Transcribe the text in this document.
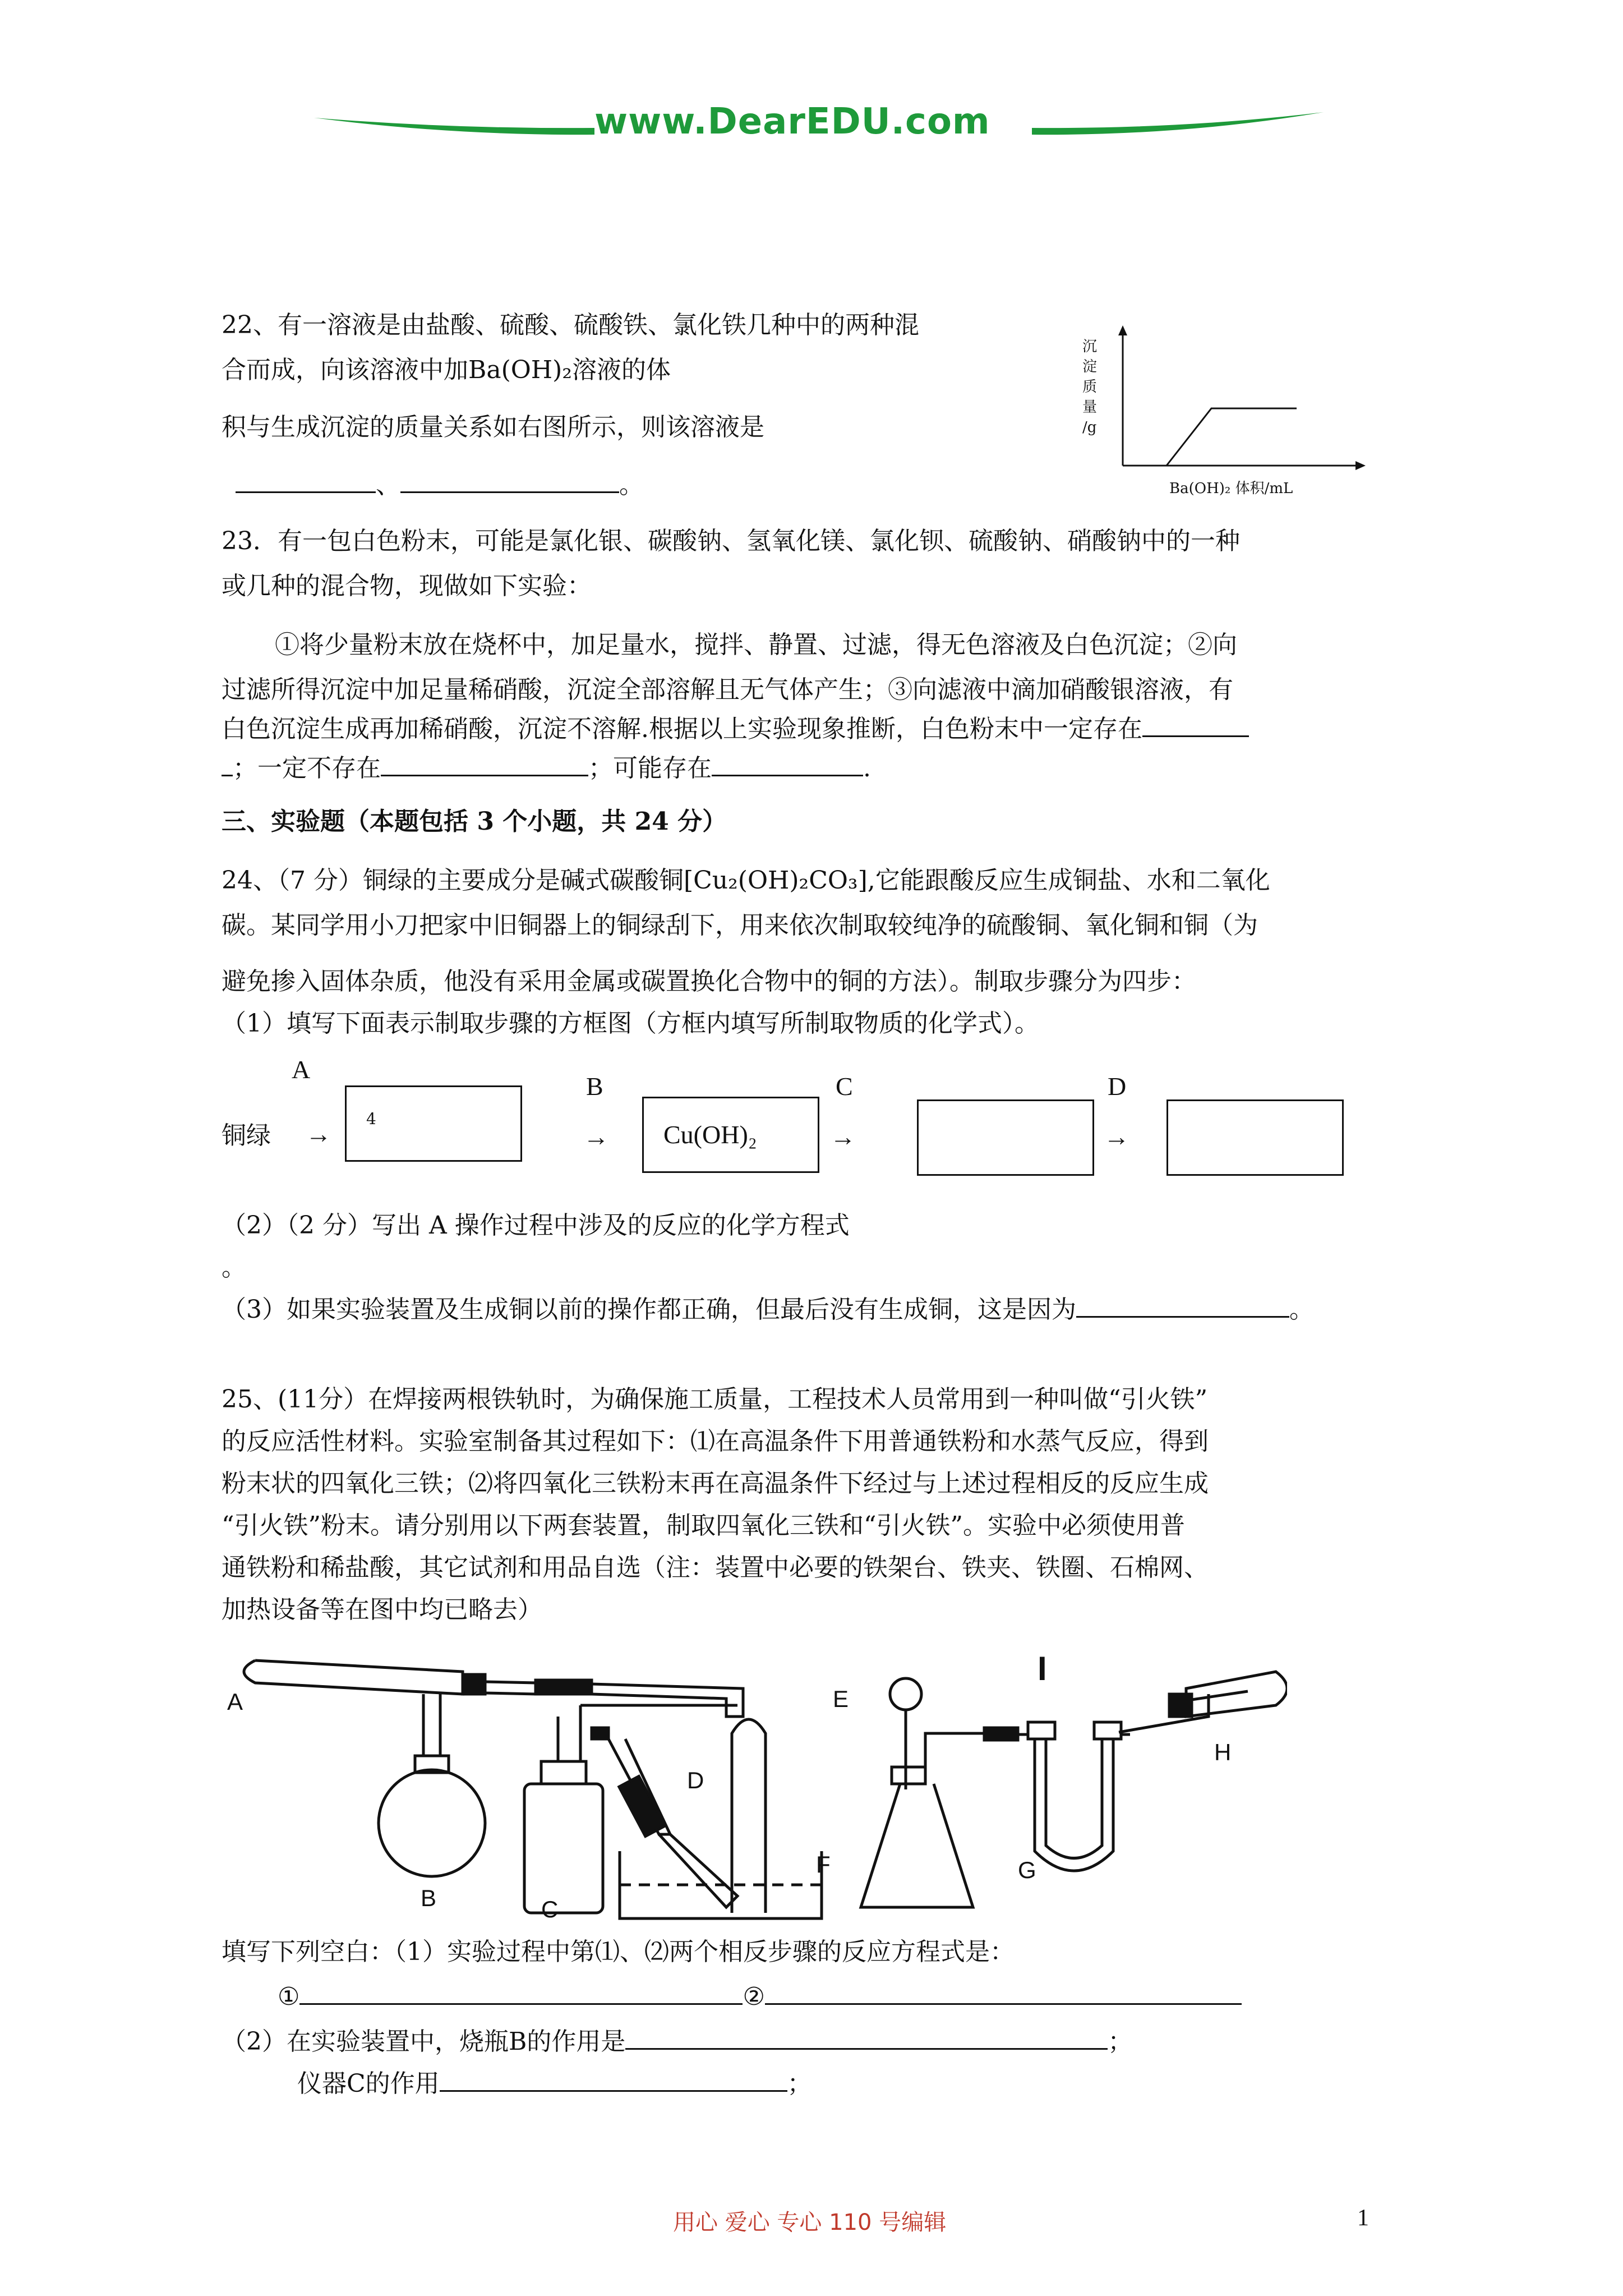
www.DearEDU.com
22、有一溶液是由盐酸、硫酸、硫酸铁、氯化铁几种中的两种混
合而成，向该溶液中加Ba(OH)₂溶液的体
积与生成沉淀的质量关系如右图所示，则该溶液是
、	。
沉
淀
质
量
/g
Ba(OH)₂ 体积/mL
23．有一包白色粉末，可能是氯化银、碳酸钠、氢氧化镁、氯化钡、硫酸钠、硝酸钠中的一种
或几种的混合物，现做如下实验：
①将少量粉末放在烧杯中，加足量水，搅拌、静置、过滤，得无色溶液及白色沉淀；②向
过滤所得沉淀中加足量稀硝酸，沉淀全部溶解且无气体产生；③向滤液中滴加硝酸银溶液，有
白色沉淀生成再加稀硝酸，沉淀不溶解.根据以上实验现象推断，白色粉末中一定存在
；一定不存在	；可能存在	.
三、实验题（本题包括 3 个小题，共 24 分）
24、（7 分）铜绿的主要成分是碱式碳酸铜[Cu₂(OH)₂CO₃],它能跟酸反应生成铜盐、水和二氧化
碳。某同学用小刀把家中旧铜器上的铜绿刮下，用来依次制取较纯净的硫酸铜、氧化铜和铜（为
避免掺入固体杂质，他没有采用金属或碳置换化合物中的铜的方法）。制取步骤分为四步：
（1）填写下面表示制取步骤的方框图（方框内填写所制取物质的化学式）。
A
B	C	D
铜绿 →
4
→ Cu(OH)₂	→	→
（2）（2 分）写出 A 操作过程中涉及的反应的化学方程式
。
（3）如果实验装置及生成铜以前的操作都正确，但最后没有生成铜，这是因为	。
25、(11分）在焊接两根铁轨时，为确保施工质量，工程技术人员常用到一种叫做“引火铁”
的反应活性材料。实验室制备其过程如下：⑴在高温条件下用普通铁粉和水蒸气反应，得到
粉末状的四氧化三铁；⑵将四氧化三铁粉末再在高温条件下经过与上述过程相反的反应生成
“引火铁”粉末。请分别用以下两套装置，制取四氧化三铁和“引火铁”。实验中必须使用普
通铁粉和稀盐酸，其它试剂和用品自选（注：装置中必要的铁架台、铁夹、铁圈、石棉网、
加热设备等在图中均已略去）
A
B	C
D
E
F	G
H
I
填写下列空白：（1）实验过程中第⑴、⑵两个相反步骤的反应方程式是：
①	②
（2）在实验装置中，烧瓶B的作用是	；
仪器C的作用	；
用心 爱心 专心 110 号编辑	1
